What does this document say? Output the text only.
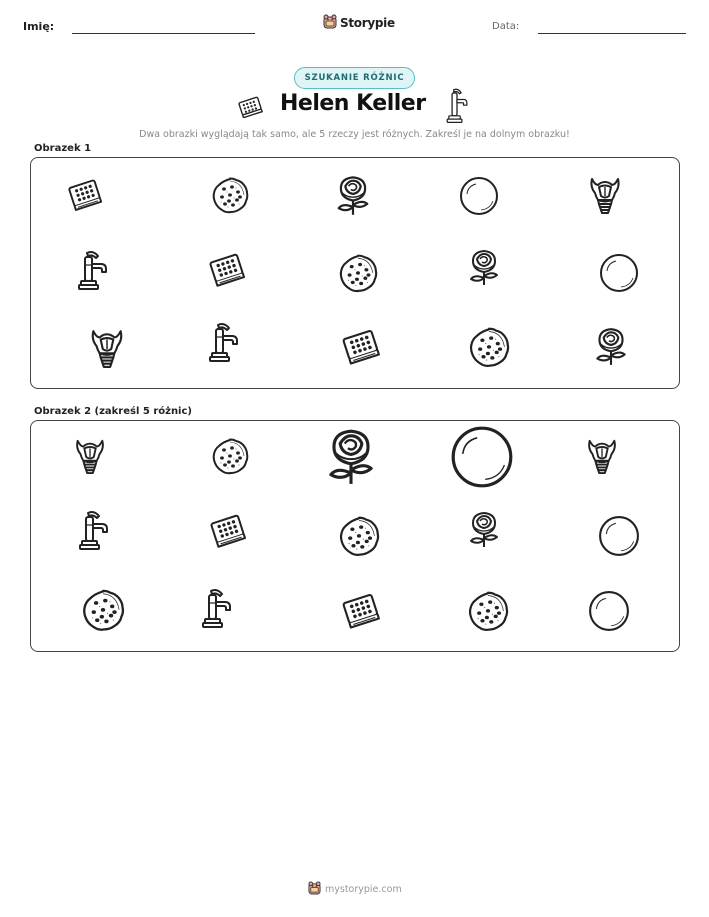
Imię:	Storypie	Data:
SZUKANIE RÓŻNIC
Helen Keller
Dwa obrazki wyglądają tak samo, ale 5 rzeczy jest różnych. Zakreśl je na dolnym obrazku!
Obrazek 1
Obrazek 2 (zakreśl 5 różnic)
mystorypie.com
